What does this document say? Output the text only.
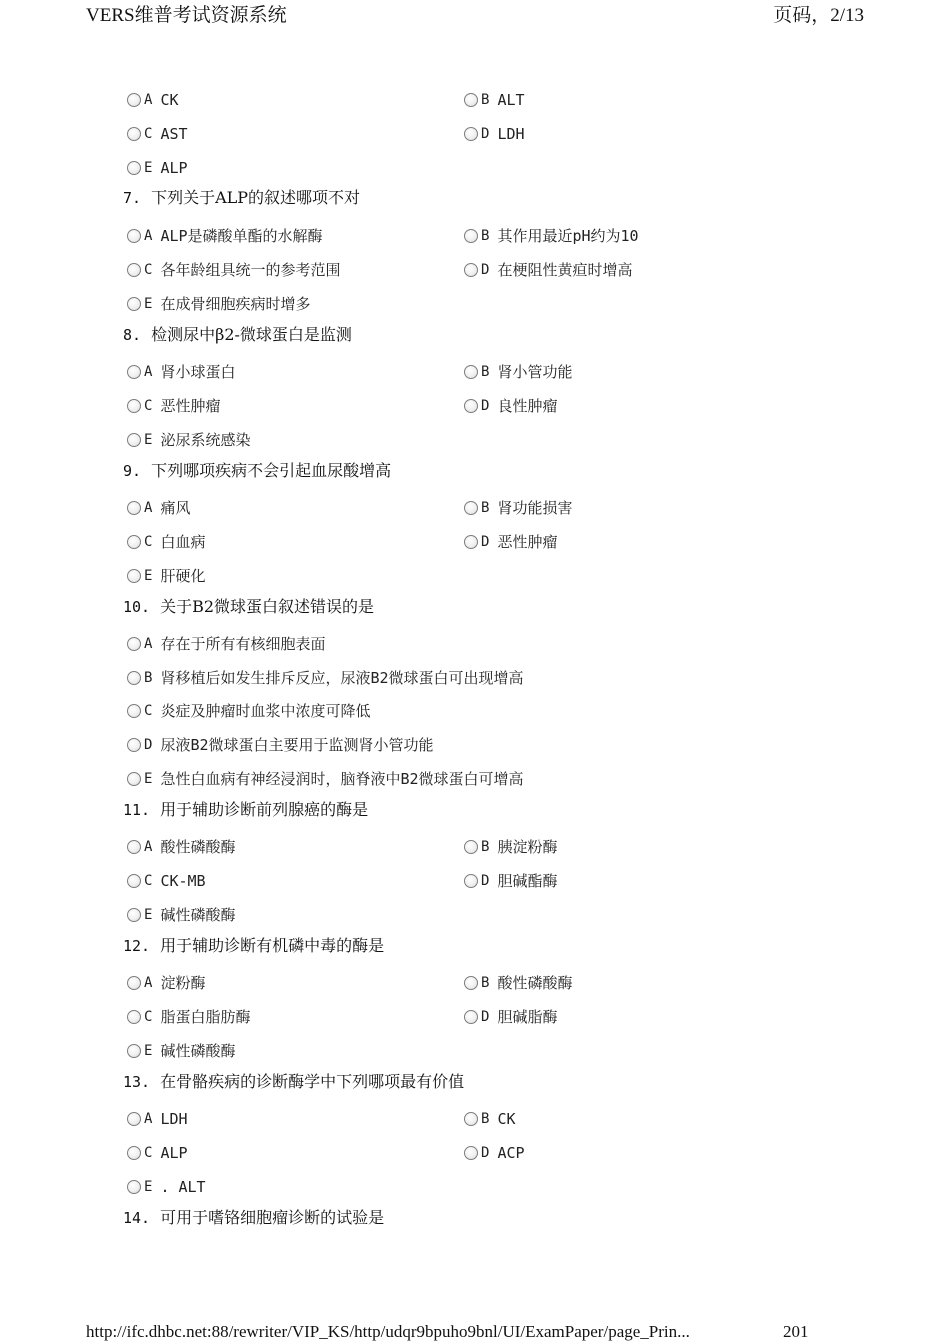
VERS维普考试资源系统	页码，2/13
A CK	B ALT
C AST	D LDH
E ALP
7. 下列关于ALP的叙述哪项不对
A ALP是磷酸单酯的水解酶	B 其作用最近pH约为10
C 各年龄组具统一的参考范围	D 在梗阻性黄疸时增高
E 在成骨细胞疾病时增多
8. 检测尿中β2-微球蛋白是监测
A 肾小球蛋白	B 肾小管功能
C 恶性肿瘤	D 良性肿瘤
E 泌尿系统感染
9. 下列哪项疾病不会引起血尿酸增高
A 痛风	B 肾功能损害
C 白血病	D 恶性肿瘤
E 肝硬化
10. 关于B2微球蛋白叙述错误的是
A 存在于所有有核细胞表面
B 肾移植后如发生排斥反应，尿液B2微球蛋白可出现增高
C 炎症及肿瘤时血浆中浓度可降低
D 尿液B2微球蛋白主要用于监测肾小管功能
E 急性白血病有神经浸润时，脑脊液中B2微球蛋白可增高
11. 用于辅助诊断前列腺癌的酶是
A 酸性磷酸酶	B 胰淀粉酶
C CK-MB	D 胆碱酯酶
E 碱性磷酸酶
12. 用于辅助诊断有机磷中毒的酶是
A 淀粉酶	B 酸性磷酸酶
C 脂蛋白脂肪酶	D 胆碱脂酶
E 碱性磷酸酶
13. 在骨骼疾病的诊断酶学中下列哪项最有价值
A LDH	B CK
C ALP	D ACP
E . ALT
14. 可用于嗜铬细胞瘤诊断的试验是
http://ifc.dhbc.net:88/rewriter/VIP_KS/http/udqr9bpuho9bnl/UI/ExamPaper/page_Prin...	201
